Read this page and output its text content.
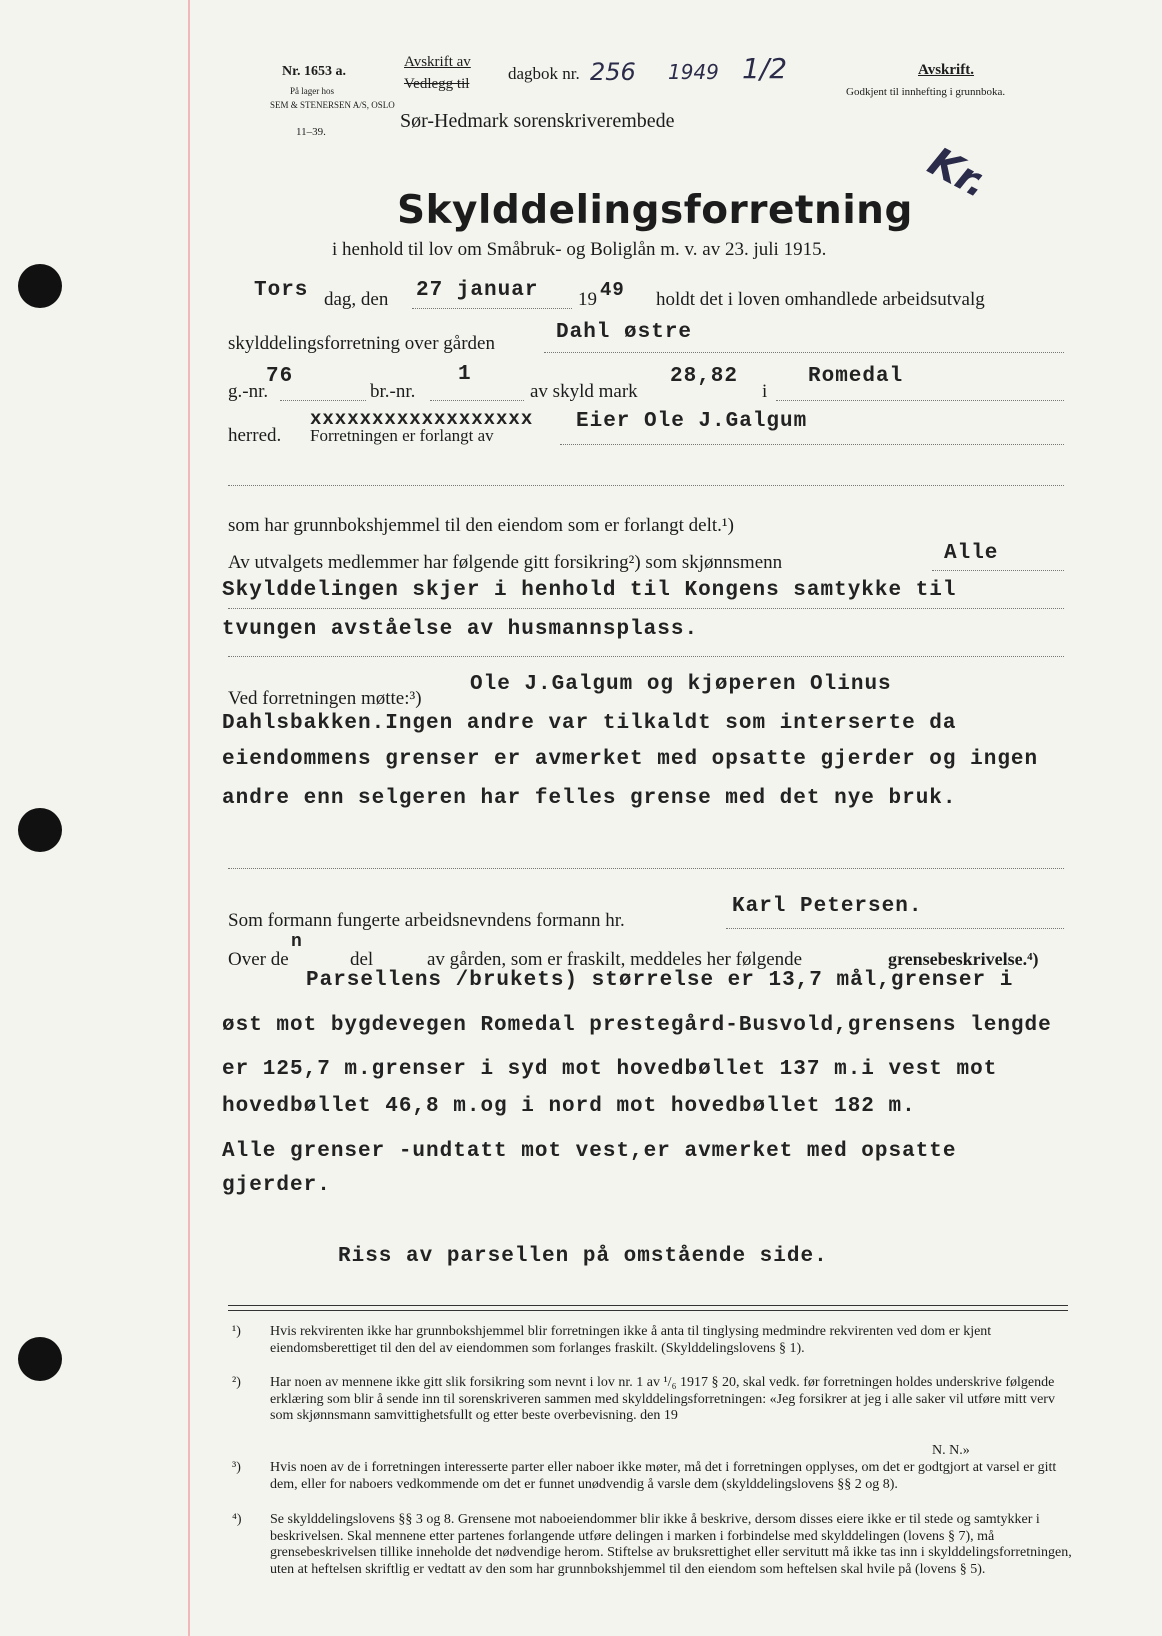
Nr. 1653 a.
På lager hos
SEM & STENERSEN A/S, OSLO
11–39.
Avskrift av
Vedlegg til
dagbok nr. 256 1949 1/2
Sør-Hedmark sorenskriverembede
Avskrift.
Godkjent til innhefting i grunnboka.
Kr.
Skylddelingsforretning
i henhold til lov om Småbruk- og Boliglån m. v. av 23. juli 1915.
Tors dag, den 27 januar 19 49 holdt det i loven omhandlede arbeidsutvalg
skylddelingsforretning over gården	Dahl østre
g.-nr.
76
br.-nr.
1
av skyld mark
28,82
i
Romedal
herred.
xxxxxxxxxxxxxxxxxx
Forretningen er forlangt av
Eier Ole J.Galgum
som har grunnbokshjemmel til den eiendom som er forlangt delt.¹)
Av utvalgets medlemmer har følgende gitt forsikring²) som skjønnsmenn	Alle
Skylddelingen skjer i henhold til Kongens samtykke til
tvungen avståelse av husmannsplass.
Ved forretningen møtte:³)
Ole J.Galgum og kjøperen Olinus
Dahlsbakken.Ingen andre var tilkaldt som interserte da
eiendommens grenser er avmerket med opsatte gjerder og ingen
andre enn selgeren har felles grense med det nye bruk.
Som formann fungerte arbeidsnevndens formann hr.
Karl Petersen.
Over de
n
del	av gården, som er fraskilt, meddeles her følgende	grensebeskrivelse.⁴)
Parsellens /brukets) størrelse er 13,7 mål,grenser i
øst mot bygdevegen Romedal prestegård-Busvold,grensens lengde
er 125,7 m.grenser i syd mot hovedbøllet 137 m.i vest mot
hovedbøllet 46,8 m.og i nord mot hovedbøllet 182 m.
Alle grenser -undtatt mot vest,er avmerket med opsatte
gjerder.
Riss av parsellen på omstående side.
¹) Hvis rekvirenten ikke har grunnbokshjemmel blir forretningen ikke å anta til tinglysing medmindre rekvirenten ved dom er kjent eiendomsberettiget til den del av eiendommen som forlanges fraskilt. (Skylddelingslovens § 1).
²) Har noen av mennene ikke gitt slik forsikring som nevnt i lov nr. 1 av ¹/₆ 1917 § 20, skal vedk. før forretningen holdes underskrive følgende erklæring som blir å sende inn til sorenskriveren sammen med skylddelingsforretningen: «Jeg forsikrer at jeg i alle saker vil utføre mitt verv som skjønnsmann samvittighetsfullt og etter beste overbevisning. den 19
N. N.»
³) Hvis noen av de i forretningen interesserte parter eller naboer ikke møter, må det i forretningen opplyses, om det er godtgjort at varsel er gitt dem, eller for naboers vedkommende om det er funnet unødvendig å varsle dem (skylddelingslovens §§ 2 og 8).
⁴) Se skylddelingslovens §§ 3 og 8. Grensene mot naboeiendommer blir ikke å beskrive, dersom disses eiere ikke er til stede og samtykker i beskrivelsen. Skal mennene etter partenes forlangende utføre delingen i marken i forbindelse med skylddelingen (lovens § 7), må grensebeskrivelsen tillike inneholde det nødvendige herom. Stiftelse av bruksrettighet eller servitutt må ikke tas inn i skylddelingsforretningen, uten at heftelsen skriftlig er vedtatt av den som har grunnbokshjemmel til den eiendom som heftelsen skal hvile på (lovens § 5).
